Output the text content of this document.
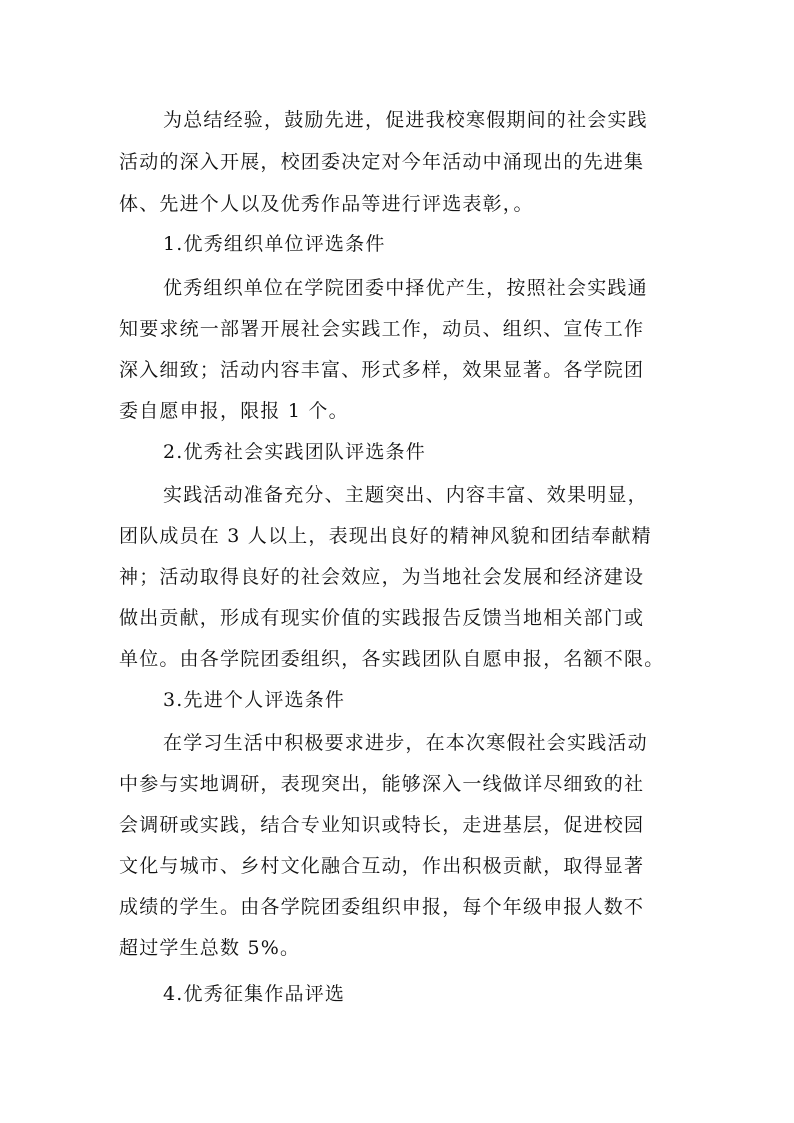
为总结经验，鼓励先进，促进我校寒假期间的社会实践
活动的深入开展，校团委决定对今年活动中涌现出的先进集
体、先进个人以及优秀作品等进行评选表彰，。
1.优秀组织单位评选条件
优秀组织单位在学院团委中择优产生，按照社会实践通
知要求统一部署开展社会实践工作，动员、组织、宣传工作
深入细致；活动内容丰富、形式多样，效果显著。各学院团
委自愿申报，限报 1 个。
2.优秀社会实践团队评选条件
实践活动准备充分、主题突出、内容丰富、效果明显，
团队成员在 3 人以上，表现出良好的精神风貌和团结奉献精
神；活动取得良好的社会效应，为当地社会发展和经济建设
做出贡献，形成有现实价值的实践报告反馈当地相关部门或
单位。由各学院团委组织，各实践团队自愿申报，名额不限。
3.先进个人评选条件
在学习生活中积极要求进步，在本次寒假社会实践活动
中参与实地调研，表现突出，能够深入一线做详尽细致的社
会调研或实践，结合专业知识或特长，走进基层，促进校园
文化与城市、乡村文化融合互动，作出积极贡献，取得显著
成绩的学生。由各学院团委组织申报，每个年级申报人数不
超过学生总数 5%。
4.优秀征集作品评选
